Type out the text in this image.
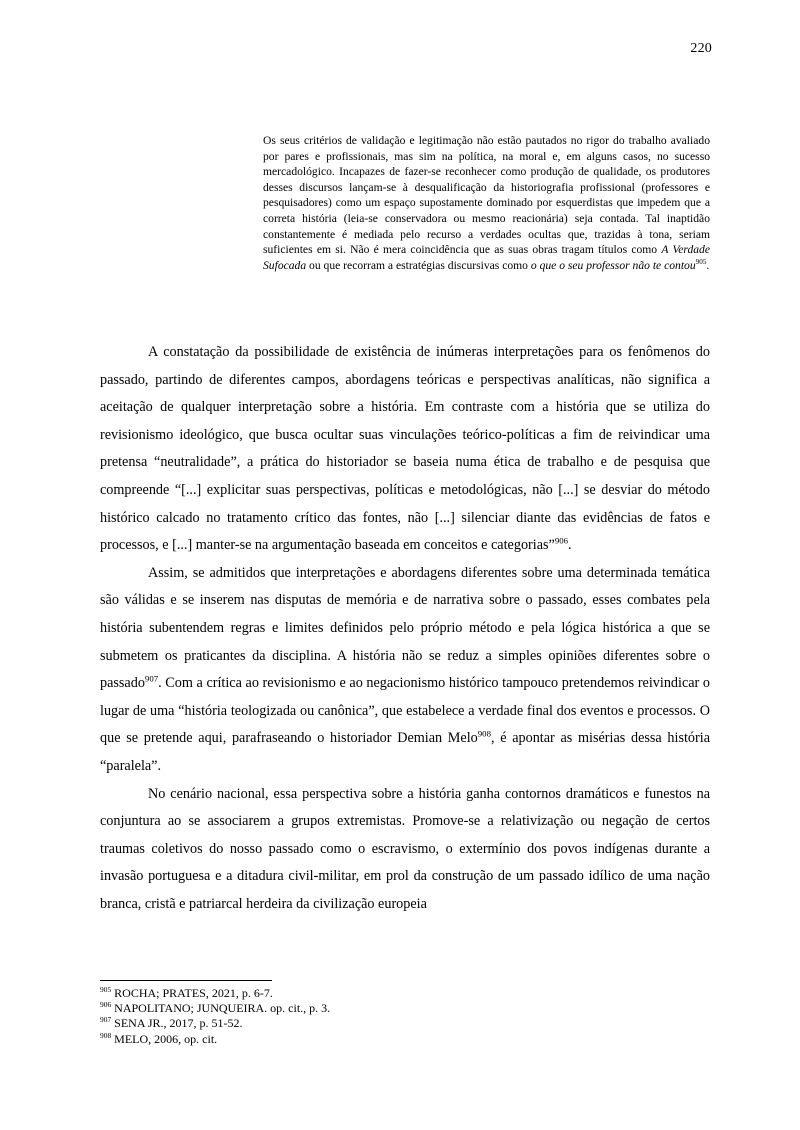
220
Os seus critérios de validação e legitimação não estão pautados no rigor do trabalho avaliado por pares e profissionais, mas sim na política, na moral e, em alguns casos, no sucesso mercadológico. Incapazes de fazer-se reconhecer como produção de qualidade, os produtores desses discursos lançam-se à desqualificação da historiografia profissional (professores e pesquisadores) como um espaço supostamente dominado por esquerdistas que impedem que a correta história (leia-se conservadora ou mesmo reacionária) seja contada. Tal inaptidão constantemente é mediada pelo recurso a verdades ocultas que, trazidas à tona, seriam suficientes em si. Não é mera coincidência que as suas obras tragam títulos como A Verdade Sufocada ou que recorram a estratégias discursivas como o que o seu professor não te contou$^{905}$.

A constatação da possibilidade de existência de inúmeras interpretações para os fenômenos do passado, partindo de diferentes campos, abordagens teóricas e perspectivas analíticas, não significa a aceitação de qualquer interpretação sobre a história. Em contraste com a história que se utiliza do revisionismo ideológico, que busca ocultar suas vinculações teórico-políticas a fim de reivindicar uma pretensa “neutralidade”, a prática do historiador se baseia numa ética de trabalho e de pesquisa que compreende “[...] explicitar suas perspectivas, políticas e metodológicas, não [...] se desviar do método histórico calcado no tratamento crítico das fontes, não [...] silenciar diante das evidências de fatos e processos, e [...] manter-se na argumentação baseada em conceitos e categorias”$^{906}$.

Assim, se admitidos que interpretações e abordagens diferentes sobre uma determinada temática são válidas e se inserem nas disputas de memória e de narrativa sobre o passado, esses combates pela história subentendem regras e limites definidos pelo próprio método e pela lógica histórica a que se submetem os praticantes da disciplina. A história não se reduz a simples opiniões diferentes sobre o passado$^{907}$. Com a crítica ao revisionismo e ao negacionismo histórico tampouco pretendemos reivindicar o lugar de uma “história teologizada ou canônica”, que estabelece a verdade final dos eventos e processos. O que se pretende aqui, parafraseando o historiador Demian Melo$^{908}$, é apontar as misérias dessa história “paralela”.

No cenário nacional, essa perspectiva sobre a história ganha contornos dramáticos e funestos na conjuntura ao se associarem a grupos extremistas. Promove-se a relativização ou negação de certos traumas coletivos do nosso passado como o escravismo, o extermínio dos povos indígenas durante a invasão portuguesa e a ditadura civil-militar, em prol da construção de um passado idílico de uma nação branca, cristã e patriarcal herdeira da civilização europeia

$^{905}$ ROCHA; PRATES, 2021, p. 6-7.
$^{906}$ NAPOLITANO; JUNQUEIRA. op. cit., p. 3.
$^{907}$ SENA JR., 2017, p. 51-52.
$^{908}$ MELO, 2006, op. cit.
